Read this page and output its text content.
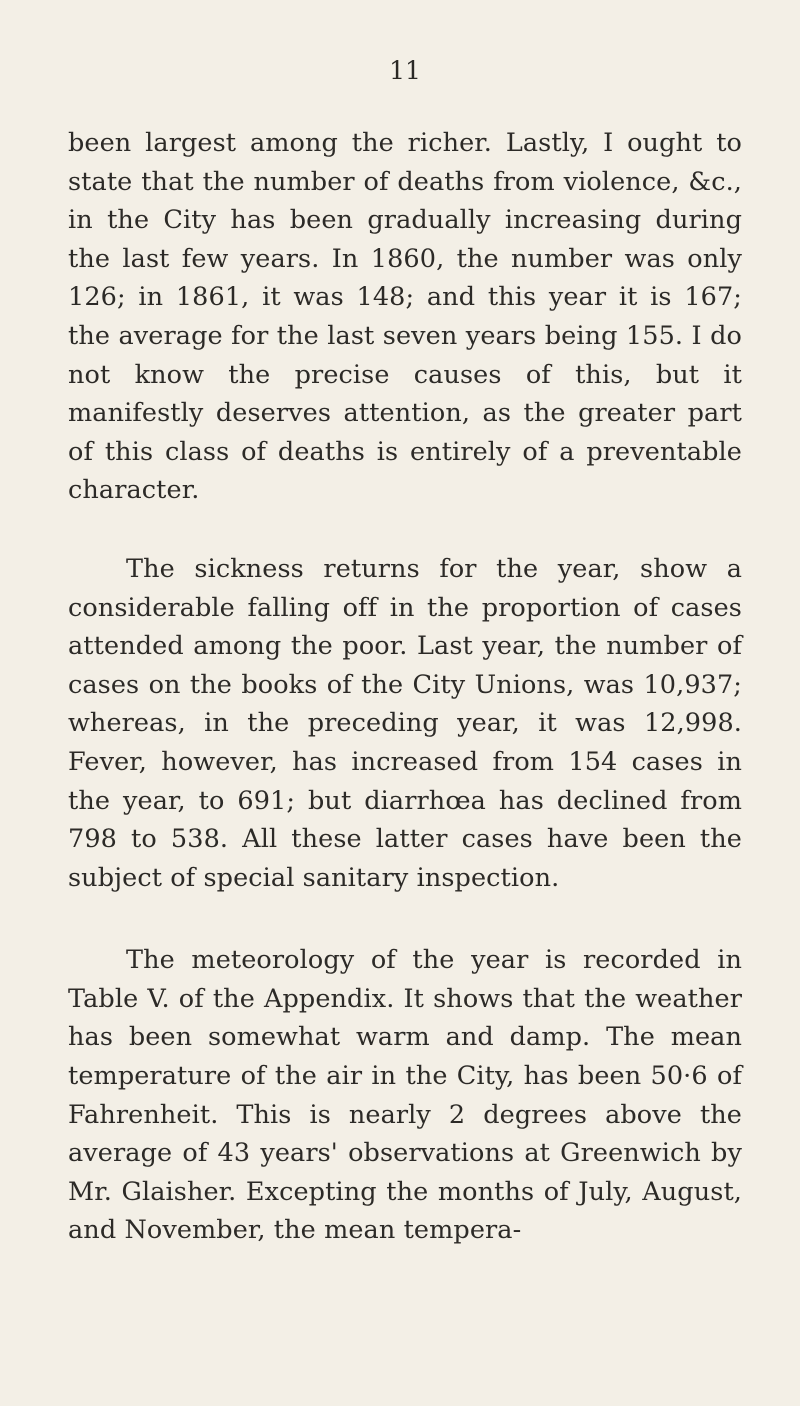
11

been largest among the richer. Lastly, I ought to state that the number of deaths from violence, &c., in the City has been gradually increasing during the last few years. In 1860, the number was only 126; in 1861, it was 148; and this year it is 167; the average for the last seven years being 155. I do not know the precise causes of this, but it manifestly deserves attention, as the greater part of this class of deaths is entirely of a preventable character.

The sickness returns for the year, show a considerable falling off in the proportion of cases attended among the poor. Last year, the number of cases on the books of the City Unions, was 10,937; whereas, in the preceding year, it was 12,998. Fever, however, has increased from 154 cases in the year, to 691; but diarrhœa has declined from 798 to 538. All these latter cases have been the subject of special sanitary inspection.

The meteorology of the year is recorded in Table V. of the Appendix. It shows that the weather has been somewhat warm and damp. The mean temperature of the air in the City, has been 50·6 of Fahrenheit. This is nearly 2 degrees above the average of 43 years' observations at Greenwich by Mr. Glaisher. Excepting the months of July, August, and November, the mean tempera-
